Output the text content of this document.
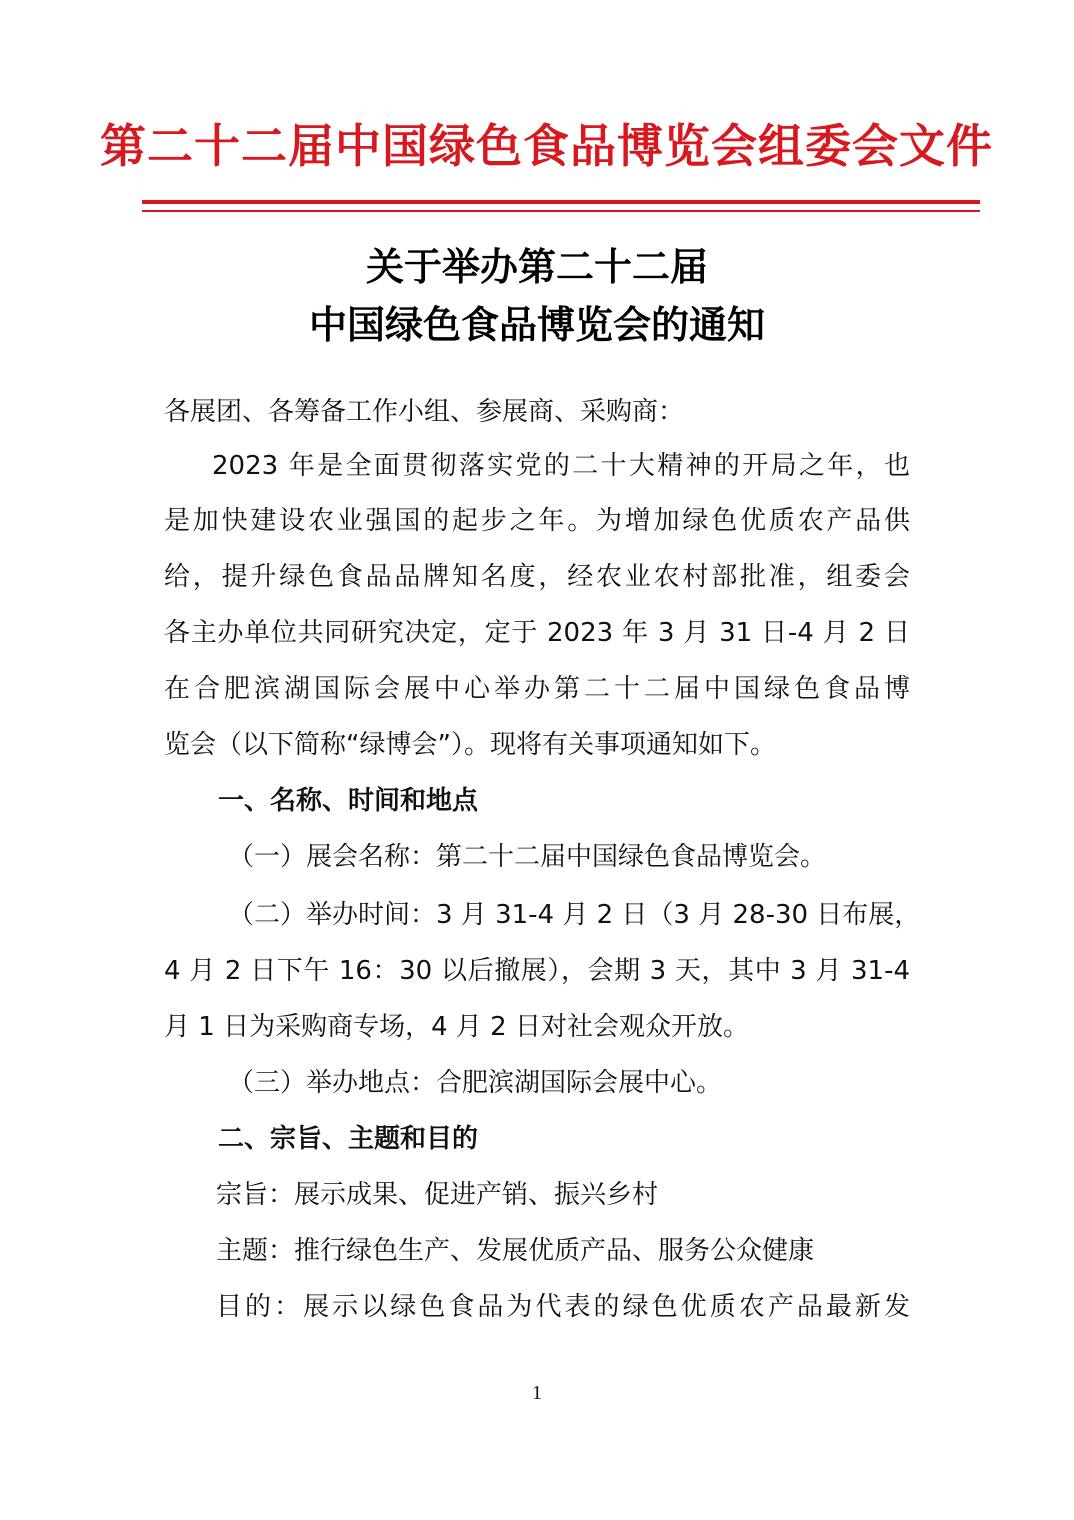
第二十二届中国绿色食品博览会组委会文件
关于举办第二十二届
中国绿色食品博览会的通知
各展团、各筹备工作小组、参展商、采购商：
2023 年是全面贯彻落实党的二十大精神的开局之年，也
是加快建设农业强国的起步之年。为增加绿色优质农产品供
给，提升绿色食品品牌知名度，经农业农村部批准，组委会
各主办单位共同研究决定，定于 2023 年 3 月 31 日-4 月 2 日
在合肥滨湖国际会展中心举办第二十二届中国绿色食品博
览会（以下简称“绿博会”）。现将有关事项通知如下。
一、名称、时间和地点
（一）展会名称：第二十二届中国绿色食品博览会。
（二）举办时间：3 月 31-4 月 2 日（3 月 28-30 日布展，
4 月 2 日下午 16：30 以后撤展），会期 3 天，其中 3 月 31-4
月 1 日为采购商专场，4 月 2 日对社会观众开放。
（三）举办地点：合肥滨湖国际会展中心。
二、宗旨、主题和目的
宗旨：展示成果、促进产销、振兴乡村
主题：推行绿色生产、发展优质产品、服务公众健康
目的：展示以绿色食品为代表的绿色优质农产品最新发
1
